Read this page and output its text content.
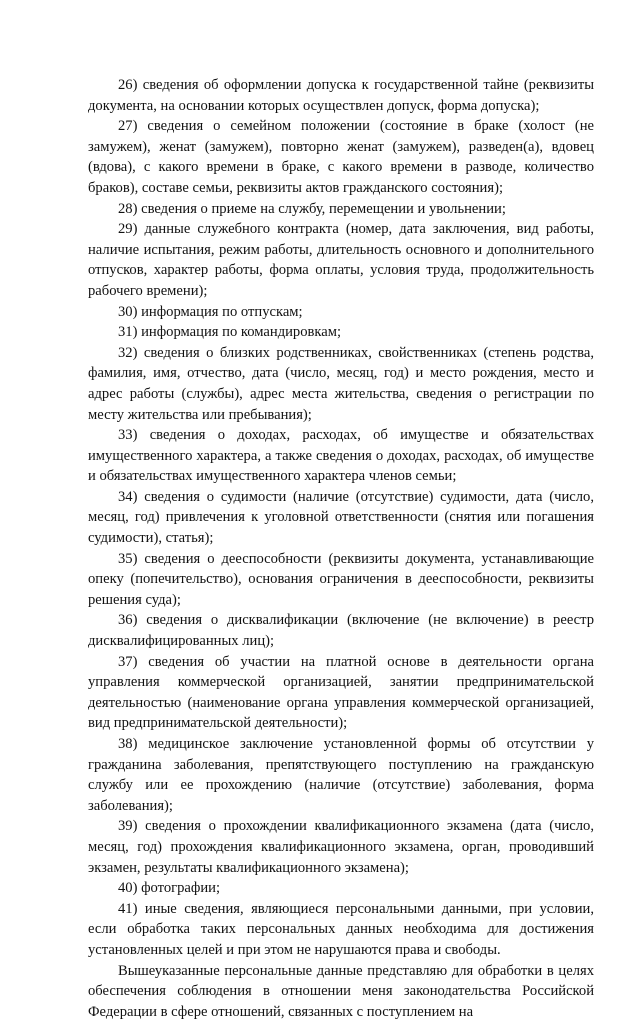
26) сведения об оформлении допуска к государственной тайне (реквизиты документа, на основании которых осуществлен допуск, форма допуска);

27) сведения о семейном положении (состояние в браке (холост (не замужем), женат (замужем), повторно женат (замужем), разведен(а), вдовец (вдова), с какого времени в браке, с какого времени в разводе, количество браков), составе семьи, реквизиты актов гражданского состояния);

28) сведения о приеме на службу, перемещении и увольнении;

29) данные служебного контракта (номер, дата заключения, вид работы, наличие испытания, режим работы, длительность основного и дополнительного отпусков, характер работы, форма оплаты, условия труда, продолжительность рабочего времени);

30) информация по отпускам;

31) информация по командировкам;

32) сведения о близких родственниках, свойственниках (степень родства, фамилия, имя, отчество, дата (число, месяц, год) и место рождения, место и адрес работы (службы), адрес места жительства, сведения о регистрации по месту жительства или пребывания);

33) сведения о доходах, расходах, об имуществе и обязательствах имущественного характера, а также сведения о доходах, расходах, об имуществе и обязательствах имущественного характера членов семьи;

34) сведения о судимости (наличие (отсутствие) судимости, дата (число, месяц, год) привлечения к уголовной ответственности (снятия или погашения судимости), статья);

35) сведения о дееспособности (реквизиты документа, устанавливающие опеку (попечительство), основания ограничения в дееспособности, реквизиты решения суда);

36) сведения о дисквалификации (включение (не включение) в реестр дисквалифицированных лиц);

37) сведения об участии на платной основе в деятельности органа управления коммерческой организацией, занятии предпринимательской деятельностью (наименование органа управления коммерческой организацией, вид предпринимательской деятельности);

38) медицинское заключение установленной формы об отсутствии у гражданина заболевания, препятствующего поступлению на гражданскую службу или ее прохождению (наличие (отсутствие) заболевания, форма заболевания);

39) сведения о прохождении квалификационного экзамена (дата (число, месяц, год) прохождения квалификационного экзамена, орган, проводивший экзамен, результаты квалификационного экзамена);

40) фотографии;

41) иные сведения, являющиеся персональными данными, при условии, если обработка таких персональных данных необходима для достижения установленных целей и при этом не нарушаются права и свободы.

Вышеуказанные персональные данные представляю для обработки в целях обеспечения соблюдения в отношении меня законодательства Российской Федерации в сфере отношений, связанных с поступлением на
